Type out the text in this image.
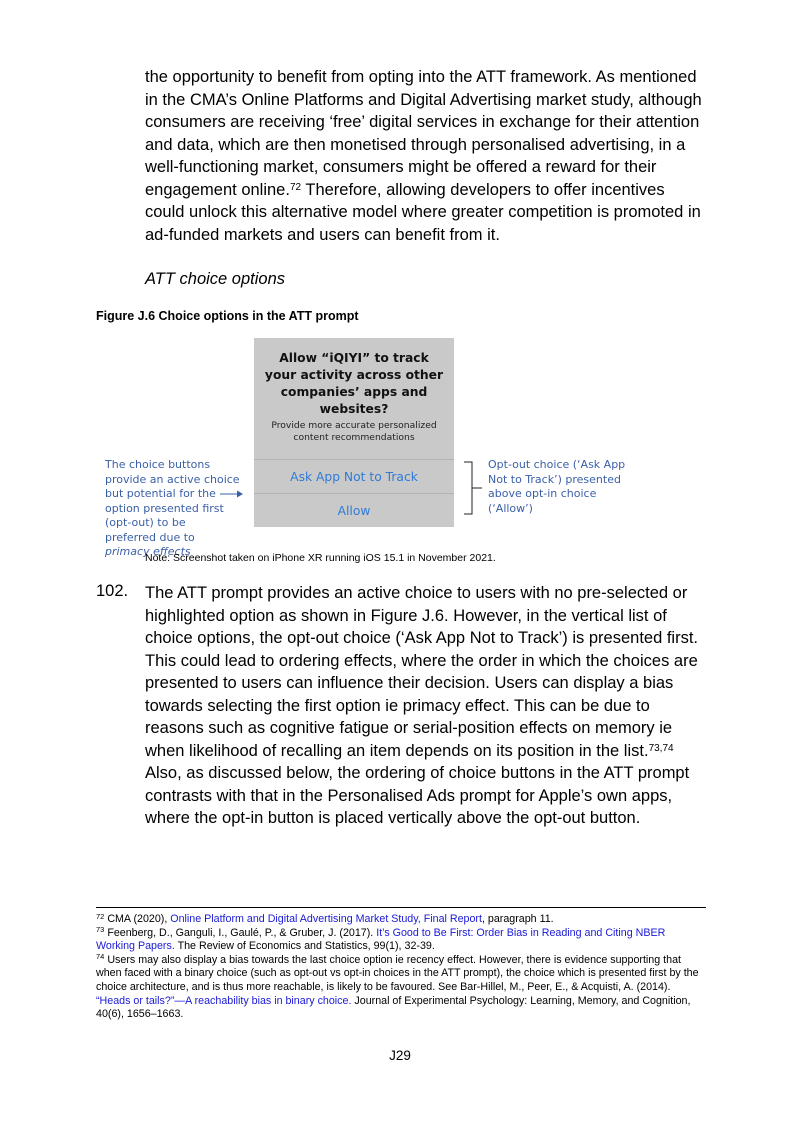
the opportunity to benefit from opting into the ATT framework. As mentioned in the CMA’s Online Platforms and Digital Advertising market study, although consumers are receiving ‘free’ digital services in exchange for their attention and data, which are then monetised through personalised advertising, in a well-functioning market, consumers might be offered a reward for their engagement online.$^{72}$ Therefore, allowing developers to offer incentives could unlock this alternative model where greater competition is promoted in ad-funded markets and users can benefit from it.

ATT choice options

Figure J.6 Choice options in the ATT prompt

Allow “iQIYI” to track your activity across other companies’ apps and websites?
Provide more accurate personalized content recommendations
Ask App Not to Track
Allow

The choice buttons provide an active choice but potential for the option presented first (opt-out) to be preferred due to primacy effects

Opt-out choice (‘Ask App Not to Track’) presented above opt-in choice (‘Allow’)

Note: Screenshot taken on iPhone XR running iOS 15.1 in November 2021.

102. The ATT prompt provides an active choice to users with no pre-selected or highlighted option as shown in Figure J.6. However, in the vertical list of choice options, the opt-out choice (‘Ask App Not to Track’) is presented first. This could lead to ordering effects, where the order in which the choices are presented to users can influence their decision. Users can display a bias towards selecting the first option ie primacy effect. This can be due to reasons such as cognitive fatigue or serial-position effects on memory ie when likelihood of recalling an item depends on its position in the list.$^{73,74}$ Also, as discussed below, the ordering of choice buttons in the ATT prompt contrasts with that in the Personalised Ads prompt for Apple’s own apps, where the opt-in button is placed vertically above the opt-out button.

$^{72}$ CMA (2020), Online Platform and Digital Advertising Market Study, Final Report, paragraph 11.

$^{73}$ Feenberg, D., Ganguli, I., Gaulé, P., & Gruber, J. (2017). It’s Good to Be First: Order Bias in Reading and Citing NBER Working Papers. The Review of Economics and Statistics, 99(1), 32-39.

$^{74}$ Users may also display a bias towards the last choice option ie recency effect. However, there is evidence supporting that when faced with a binary choice (such as opt-out vs opt-in choices in the ATT prompt), the choice which is presented first by the choice architecture, and is thus more reachable, is likely to be favoured. See Bar-Hillel, M., Peer, E., & Acquisti, A. (2014). “Heads or tails?”—A reachability bias in binary choice. Journal of Experimental Psychology: Learning, Memory, and Cognition, 40(6), 1656–1663.

J29
